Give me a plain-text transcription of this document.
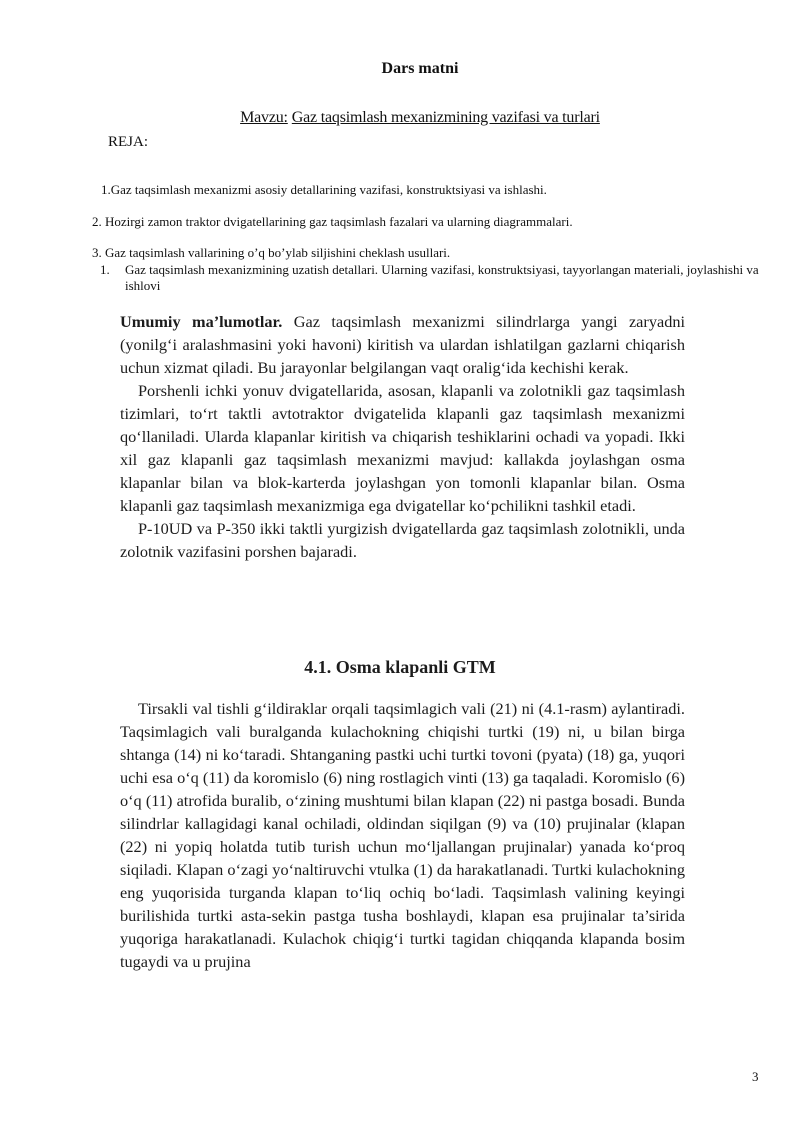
Dars matni
Mavzu: Gaz taqsimlash mexanizmining vazifasi va turlari
REJA:
1.Gaz taqsimlash mexanizmi asosiy detallarining vazifasi, konstruktsiyasi va ishlashi.
2. Hozirgi zamon traktor dvigatellarining gaz taqsimlash fazalari va ularning diagrammalari.
3. Gaz taqsimlash vallarining o’q bo’ylab siljishini cheklash usullari.
1.	Gaz taqsimlash mexanizmining uzatish detallari. Ularning vazifasi, konstruktsiyasi, tayyorlangan materiali, joylashishi va ishlovi

Umumiy ma’lumotlar. Gaz taqsimlash mexanizmi silindrlarga yangi zaryadni (yonilg‘i aralashmasini yoki havoni) kiritish va ulardan ishlatilgan gazlarni chiqarish uchun xizmat qiladi. Bu jarayonlar belgilangan vaqt oralig‘ida kechishi kerak.

Porshenli ichki yonuv dvigatellarida, asosan, klapanli va zolotnikli gaz taqsimlash tizimlari, to‘rt taktli avtotraktor dvigatelida klapanli gaz taqsimlash mexanizmi qo‘llaniladi. Ularda klapanlar kiritish va chiqarish teshiklarini ochadi va yopadi. Ikki xil gaz klapanli gaz taqsimlash mexanizmi mavjud: kallakda joylashgan osma klapanlar bilan va blok-karterda joylashgan yon tomonli klapanlar bilan. Osma klapanli gaz taqsimlash mexanizmiga ega dvigatellar ko‘pchilikni tashkil etadi.

P-10UD va P-350 ikki taktli yurgizish dvigatellarda gaz taqsimlash zolotnikli, unda zolotnik vazifasini porshen bajaradi.

4.1. Osma klapanli GTM

Tirsakli val tishli g‘ildiraklar orqali taqsimlagich vali (21) ni (4.1-rasm) aylantiradi. Taqsimlagich vali buralganda kulachokning chiqishi turtki (19) ni, u bilan birga shtanga (14) ni ko‘taradi. Shtanganing pastki uchi turtki tovoni (pyata) (18) ga, yuqori uchi esa o‘q (11) da koromislo (6) ning rostlagich vinti (13) ga taqaladi. Koromislo (6) o‘q (11) atrofida buralib, o‘zining mushtumi bilan klapan (22) ni pastga bosadi. Bunda silindrlar kallagidagi kanal ochiladi, oldindan siqilgan (9) va (10) prujinalar (klapan (22) ni yopiq holatda tutib turish uchun mo‘ljallangan prujinalar) yanada ko‘proq siqiladi. Klapan o‘zagi yo‘naltiruvchi vtulka (1) da harakatlanadi. Turtki kulachokning eng yuqorisida turganda klapan to‘liq ochiq bo‘ladi. Taqsimlash valining keyingi burilishida turtki asta-sekin pastga tusha boshlaydi, klapan esa prujinalar ta’sirida yuqoriga harakatlanadi. Kulachok chiqig‘i turtki tagidan chiqqanda klapanda bosim tugaydi va u prujina

3
